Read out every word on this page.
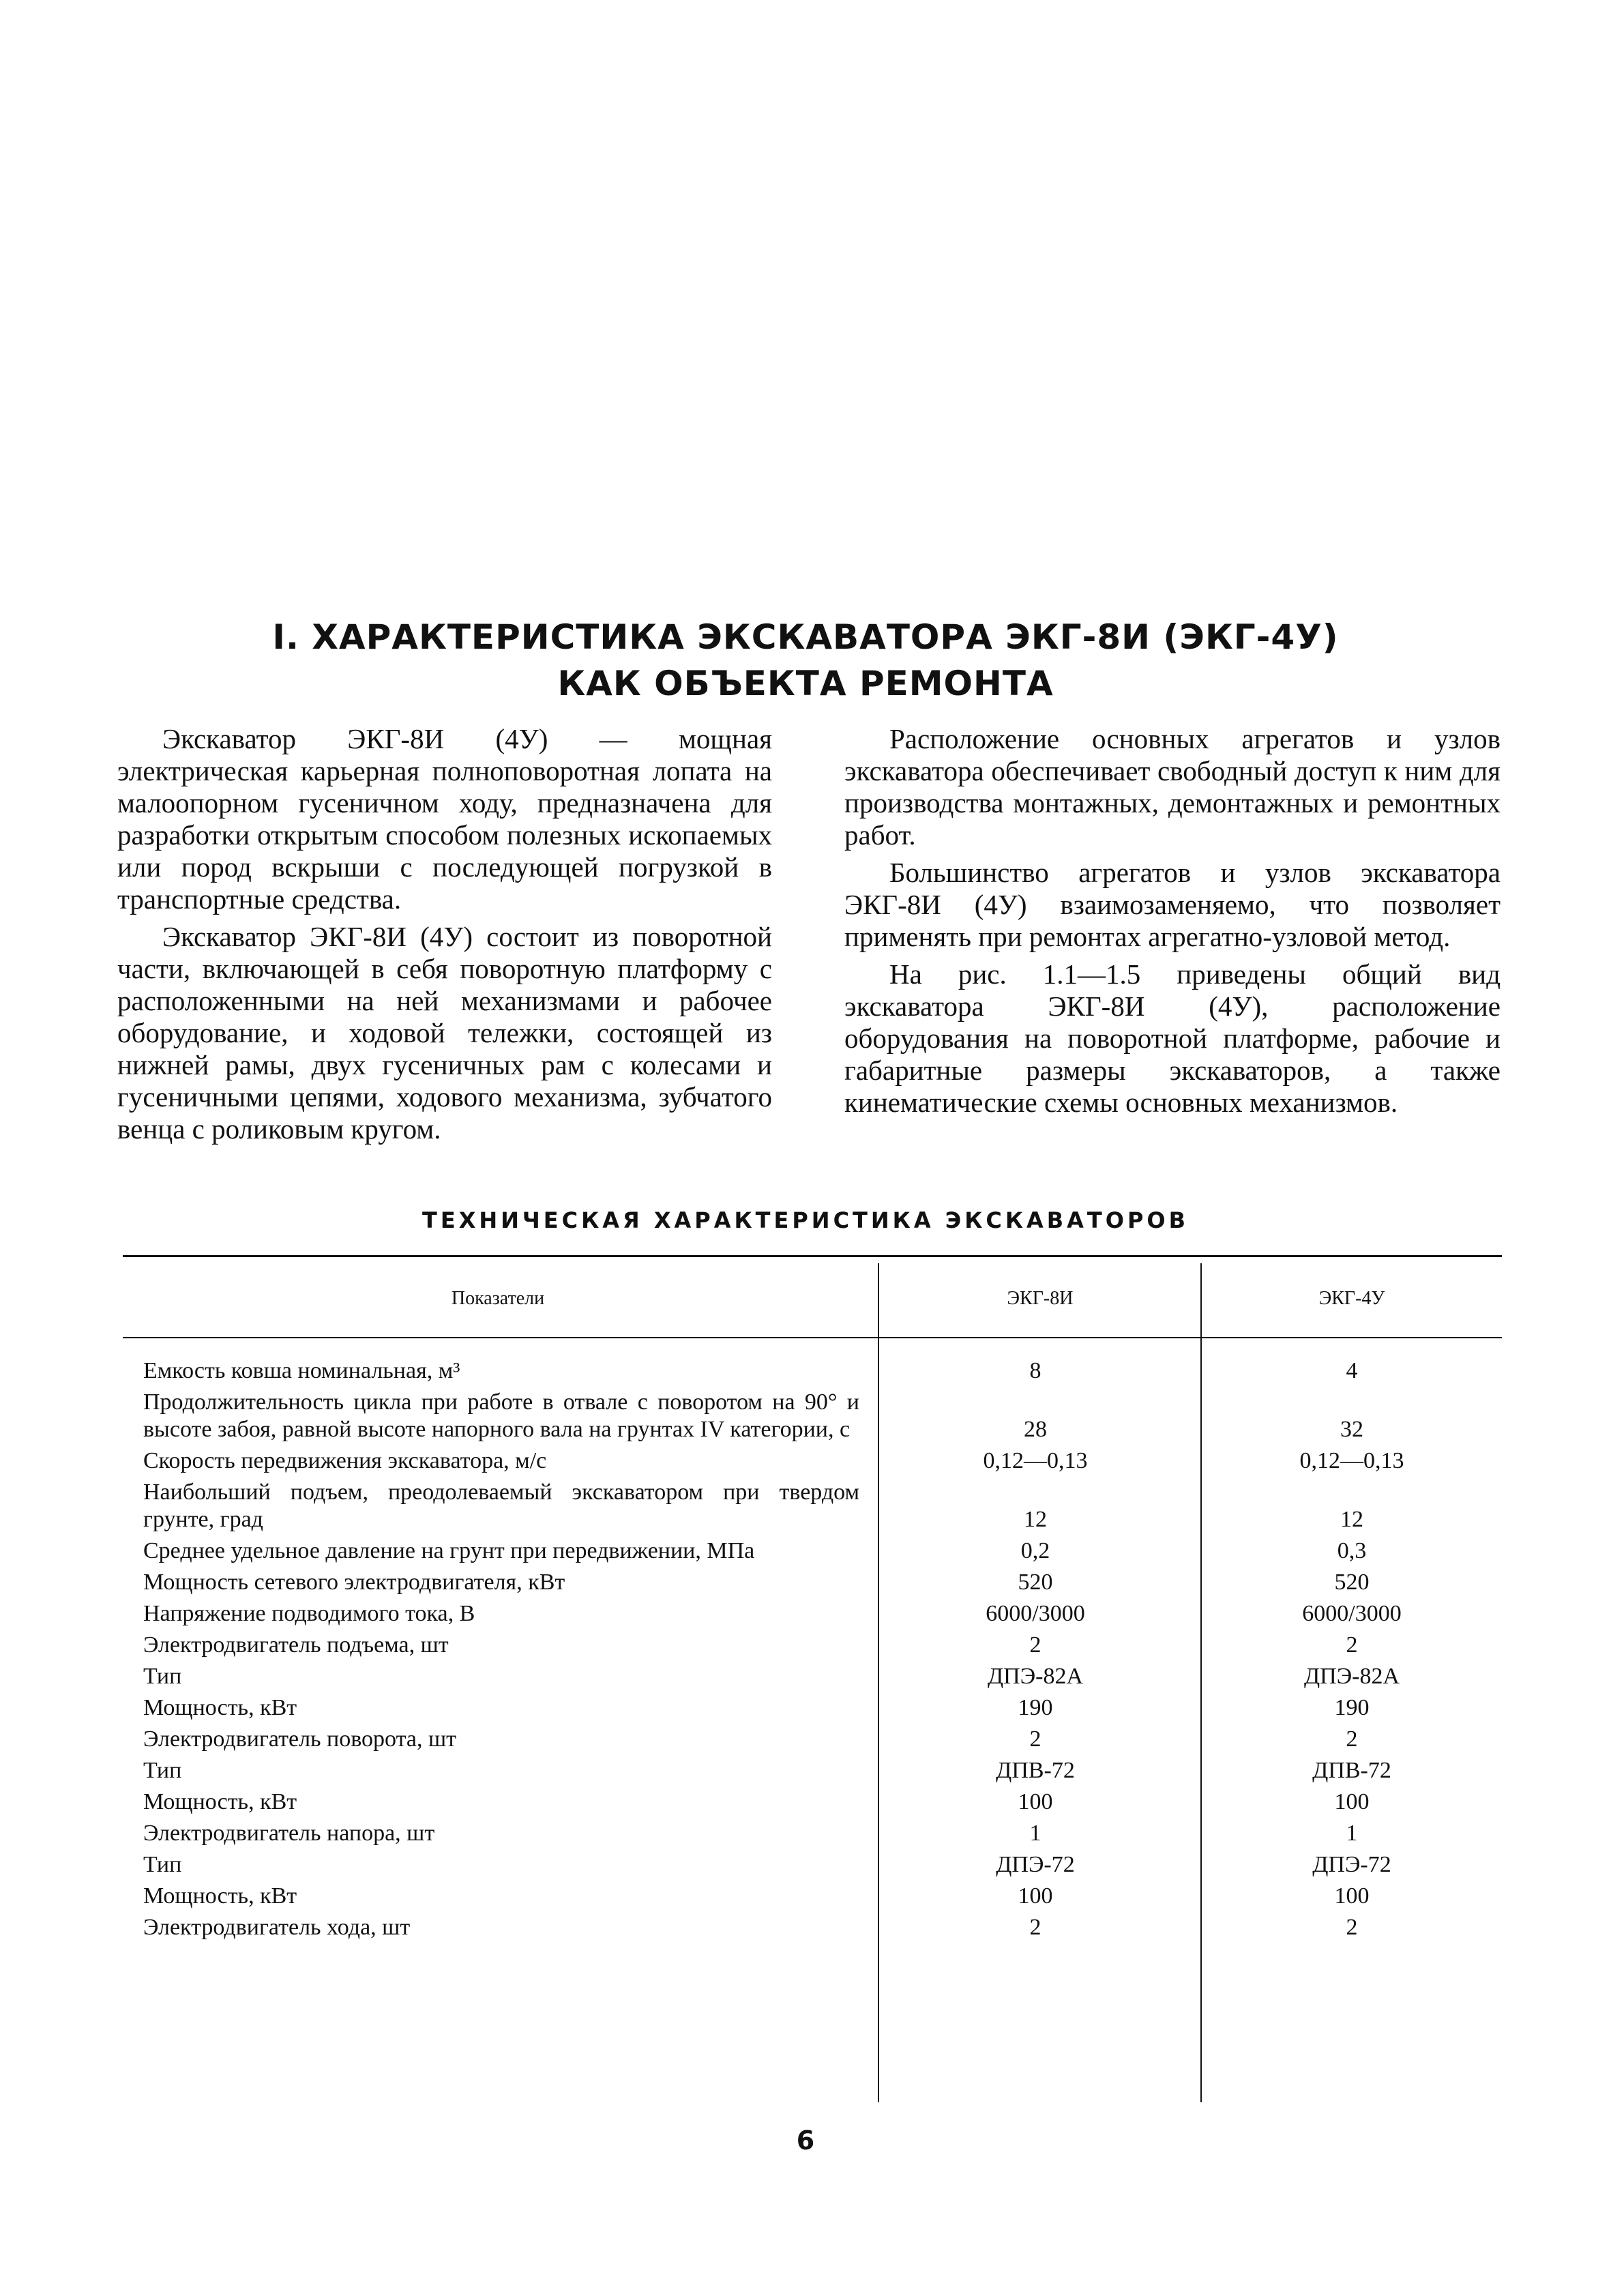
I. ХАРАКТЕРИСТИКА ЭКСКАВАТОРА ЭКГ-8И (ЭКГ-4У)
КАК ОБЪЕКТА РЕМОНТА

Экскаватор ЭКГ-8И (4У) — мощная электрическая карьерная полноповоротная лопата на малоопорном гусеничном ходу, предназначена для разработки открытым способом полезных ископаемых или пород вскрыши с последующей погрузкой в транспортные средства.

Экскаватор ЭКГ-8И (4У) состоит из поворотной части, включающей в себя поворотную платформу с расположенными на ней механизмами и рабочее оборудование, и ходовой тележки, состоящей из нижней рамы, двух гусеничных рам с колесами и гусеничными цепями, ходового механизма, зубчатого венца с роликовым кругом.

Расположение основных агрегатов и узлов экскаватора обеспечивает свободный доступ к ним для производства монтажных, демонтажных и ремонтных работ.

Большинство агрегатов и узлов экскаватора ЭКГ-8И (4У) взаимозаменяемо, что позволяет применять при ремонтах агрегатно-узловой метод.

На рис. 1.1—1.5 приведены общий вид экскаватора ЭКГ-8И (4У), расположение оборудования на поворотной платформе, рабочие и габаритные размеры экскаваторов, а также кинематические схемы основных механизмов.

ТЕХНИЧЕСКАЯ ХАРАКТЕРИСТИКА ЭКСКАВАТОРОВ
Показатели	ЭКГ-8И	ЭКГ-4У
Емкость ковша номинальная, м³	8	4
Продолжительность цикла при работе в отвале с поворотом на 90° и высоте забоя, равной высоте напорного вала на грунтах IV категории, с	28	32
Скорость передвижения экскаватора, м/с	0,12—0,13	0,12—0,13
Наибольший подъем, преодолеваемый экскаватором при твердом грунте, град	12	12
Среднее удельное давление на грунт при передвижении, МПа	0,2	0,3
Мощность сетевого электродвигателя, кВт	520	520
Напряжение подводимого тока, В	6000/3000	6000/3000
Электродвигатель подъема, шт	2	2
Тип	ДПЭ-82А	ДПЭ-82А
Мощность, кВт	190	190
Электродвигатель поворота, шт	2	2
Тип	ДПВ-72	ДПВ-72
Мощность, кВт	100	100
Электродвигатель напора, шт	1	1
Тип	ДПЭ-72	ДПЭ-72
Мощность, кВт	100	100
Электродвигатель хода, шт	2	2
6
